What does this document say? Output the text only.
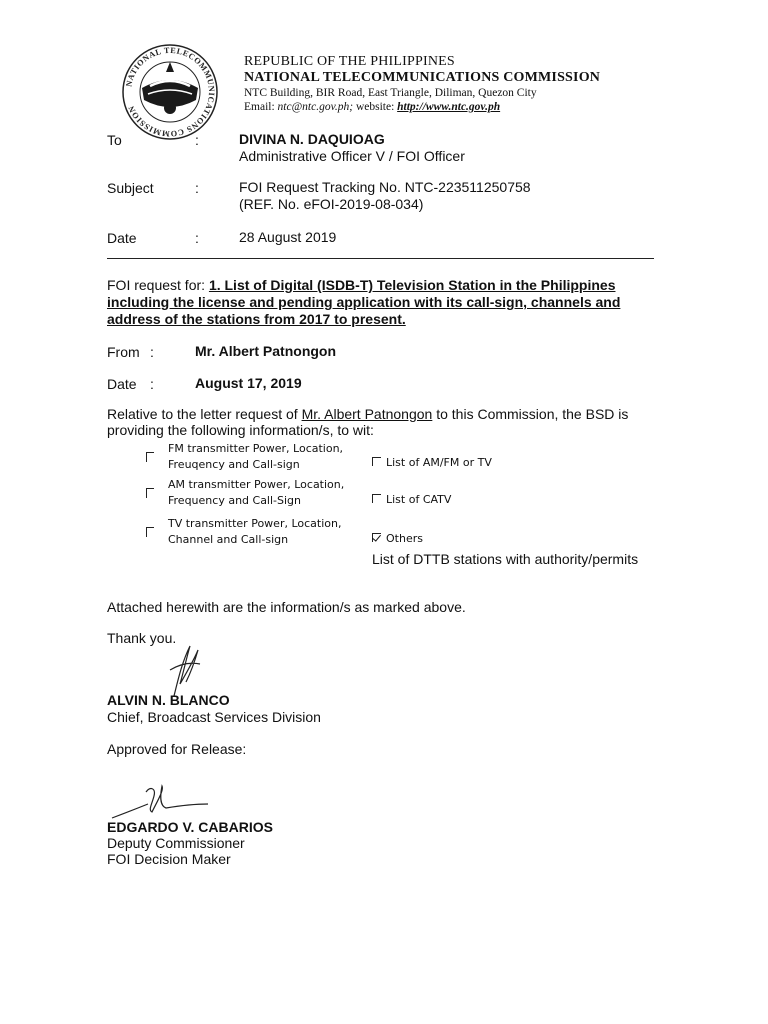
NATIONAL TELECOMMUNICATIONS COMMISSION
REPUBLIC OF THE PHILIPPINES
NATIONAL TELECOMMUNICATIONS COMMISSION
NTC Building, BIR Road, East Triangle, Diliman, Quezon City
Email: ntc@ntc.gov.ph; website: http://www.ntc.gov.ph
To	:	DIVINA N. DAQUIOAG
Administrative Officer V / FOI Officer
Subject	:	FOI Request Tracking No. NTC-223511250758
(REF. No. eFOI-2019-08-034)
Date	:	28 August 2019
FOI request for: 1. List of Digital (ISDB-T) Television Station in the Philippines including the license and pending application with its call-sign, channels and address of the stations from 2017 to present.
From :	Mr. Albert Patnongon
Date :	August 17, 2019
Relative to the letter request of Mr. Albert Patnongon to this Commission, the BSD is providing the following information/s, to wit:
FM transmitter Power, Location,
Freuqency and Call-sign
AM transmitter Power, Location,
Frequency and Call-Sign
TV transmitter Power, Location,
Channel and Call-sign
List of AM/FM or TV
List of CATV
Others
List of DTTB stations with authority/permits
Attached herewith are the information/s as marked above.
Thank you.
ALVIN N. BLANCO
Chief, Broadcast Services Division
Approved for Release:
EDGARDO V. CABARIOS
Deputy Commissioner
FOI Decision Maker
